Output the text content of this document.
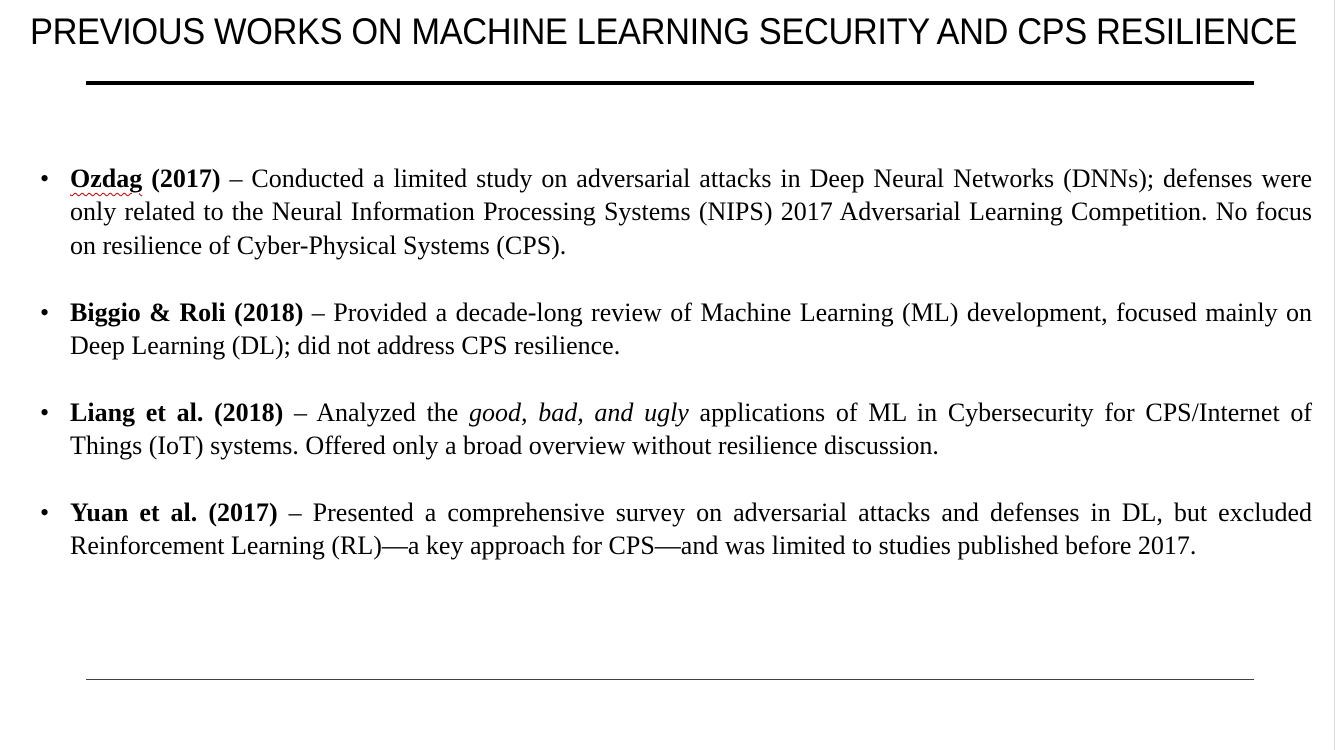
PREVIOUS WORKS ON MACHINE LEARNING SECURITY AND CPS RESILIENCE
• Ozdag (2017) – Conducted a limited study on adversarial attacks in Deep Neural Networks (DNNs); defenses were only related to the Neural Information Processing Systems (NIPS) 2017 Adversarial Learning Competition. No focus on resilience of Cyber-Physical Systems (CPS).
• Biggio & Roli (2018) – Provided a decade-long review of Machine Learning (ML) development, focused mainly on Deep Learning (DL); did not address CPS resilience.
• Liang et al. (2018) – Analyzed the good, bad, and ugly applications of ML in Cybersecurity for CPS/Internet of Things (IoT) systems. Offered only a broad overview without resilience discussion.
• Yuan et al. (2017) – Presented a comprehensive survey on adversarial attacks and defenses in DL, but excluded Reinforcement Learning (RL)—a key approach for CPS—and was limited to studies published before 2017.
